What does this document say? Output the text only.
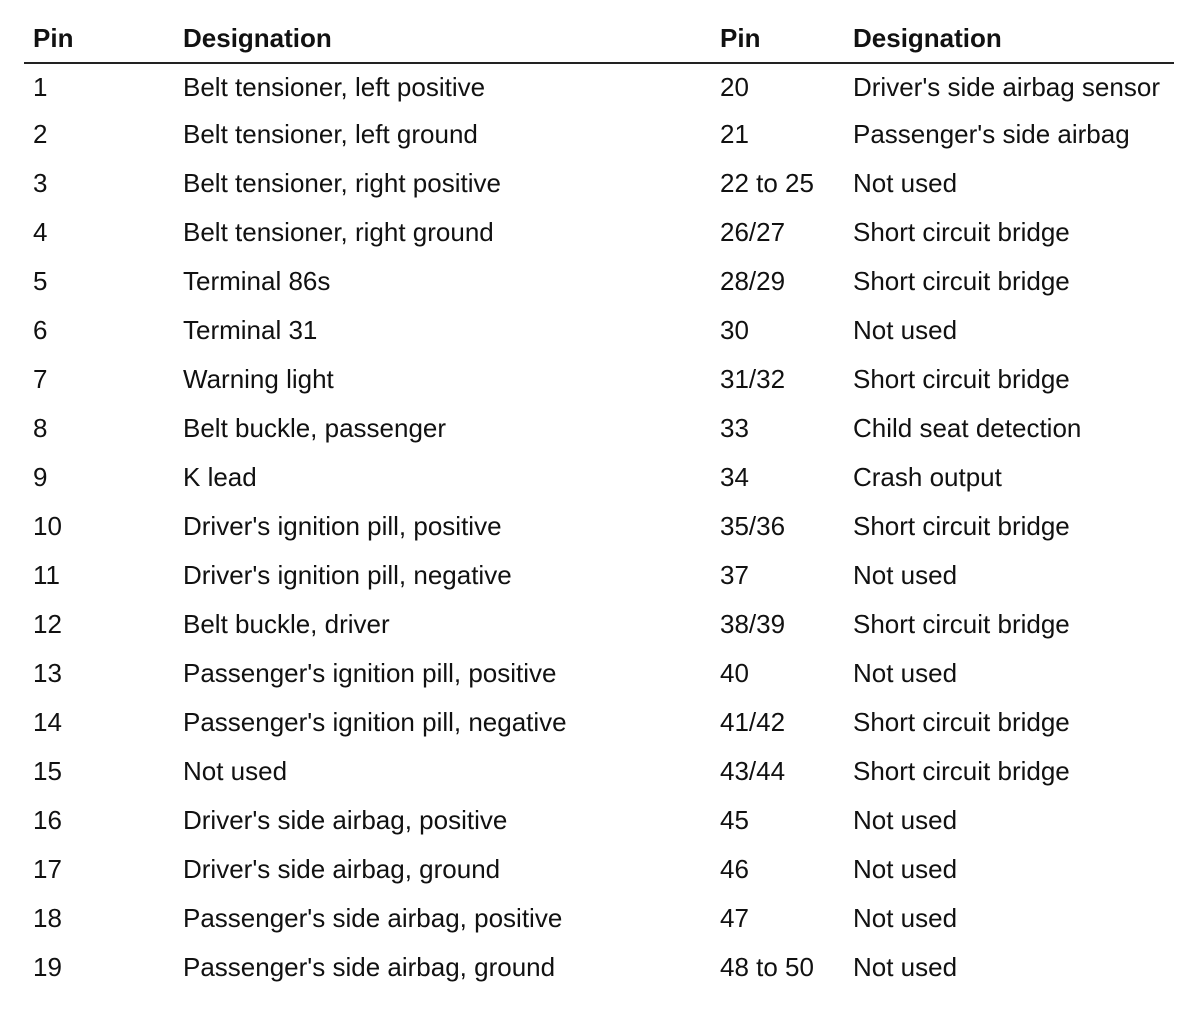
Pin	Designation	Pin	Designation
1	Belt tensioner, left positive	20	Driver's side airbag sensor
2	Belt tensioner, left ground	21	Passenger's side airbag
3	Belt tensioner, right positive	22 to 25	Not used
4	Belt tensioner, right ground	26/27	Short circuit bridge
5	Terminal 86s	28/29	Short circuit bridge
6	Terminal 31	30	Not used
7	Warning light	31/32	Short circuit bridge
8	Belt buckle, passenger	33	Child seat detection
9	K lead	34	Crash output
10	Driver's ignition pill, positive	35/36	Short circuit bridge
11	Driver's ignition pill, negative	37	Not used
12	Belt buckle, driver	38/39	Short circuit bridge
13	Passenger's ignition pill, positive	40	Not used
14	Passenger's ignition pill, negative	41/42	Short circuit bridge
15	Not used	43/44	Short circuit bridge
16	Driver's side airbag, positive	45	Not used
17	Driver's side airbag, ground	46	Not used
18	Passenger's side airbag, positive	47	Not used
19	Passenger's side airbag, ground	48 to 50	Not used
